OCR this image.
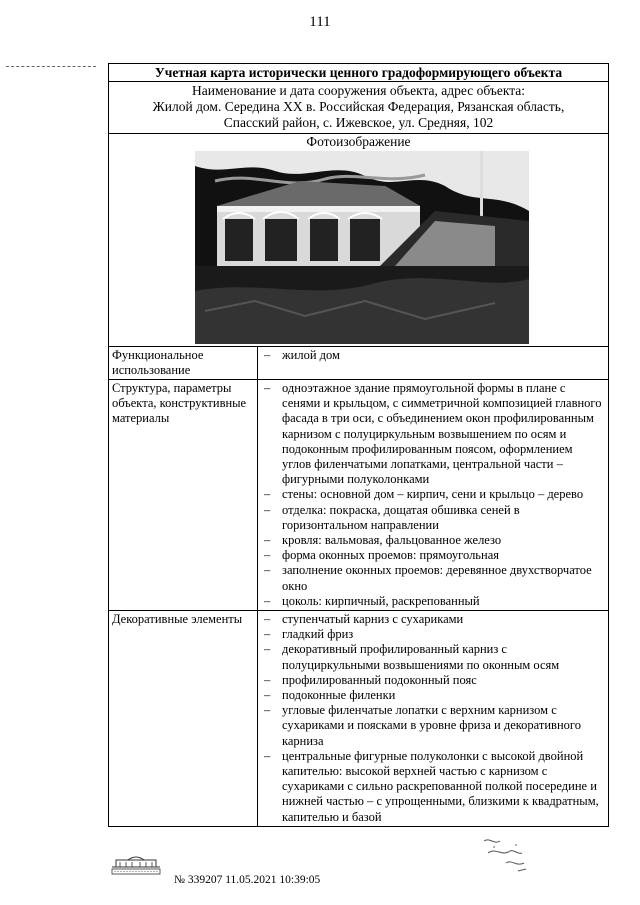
111
Учетная карта исторически ценного градоформирующего объекта
Наименование и дата сооружения объекта, адрес объекта:
Жилой дом. Середина XX в. Российская Федерация, Рязанская область,
Спасский район, с. Ижевское, ул. Средняя, 102
Фотоизображение
Функциональное использование
– жилой дом
Структура, параметры объекта, конструктивные материалы
– одноэтажное здание прямоугольной формы в плане с сенями и крыльцом, с симметричной композицией главного фасада в три оси, с объединением окон профилированным карнизом с полуциркульным возвышением по осям и подоконным профилированным поясом, оформлением углов филенчатыми лопатками, центральной части – фигурными полуколонками
– стены: основной дом – кирпич, сени и крыльцо – дерево
– отделка: покраска, дощатая обшивка сеней в горизонтальном направлении
– кровля: вальмовая, фальцованное железо
– форма оконных проемов: прямоугольная
– заполнение оконных проемов: деревянное двухстворчатое окно
– цоколь: кирпичный, раскрепованный
Декоративные элементы	– ступенчатый карниз с сухариками
– гладкий фриз
– декоративный профилированный карниз с полуциркульными возвышениями по оконным осям
– профилированный подоконный пояс
– подоконные филенки
– угловые филенчатые лопатки с верхним карнизом с сухариками и поясками в уровне фриза и декоративного карниза
– центральные фигурные полуколонки с высокой двойной капителью: высокой верхней частью с карнизом с сухариками с сильно раскрепованной полкой посередине и нижней частью – с упрощенными, близкими к квадратным, капителью и базой
№ 339207 11.05.2021 10:39:05
